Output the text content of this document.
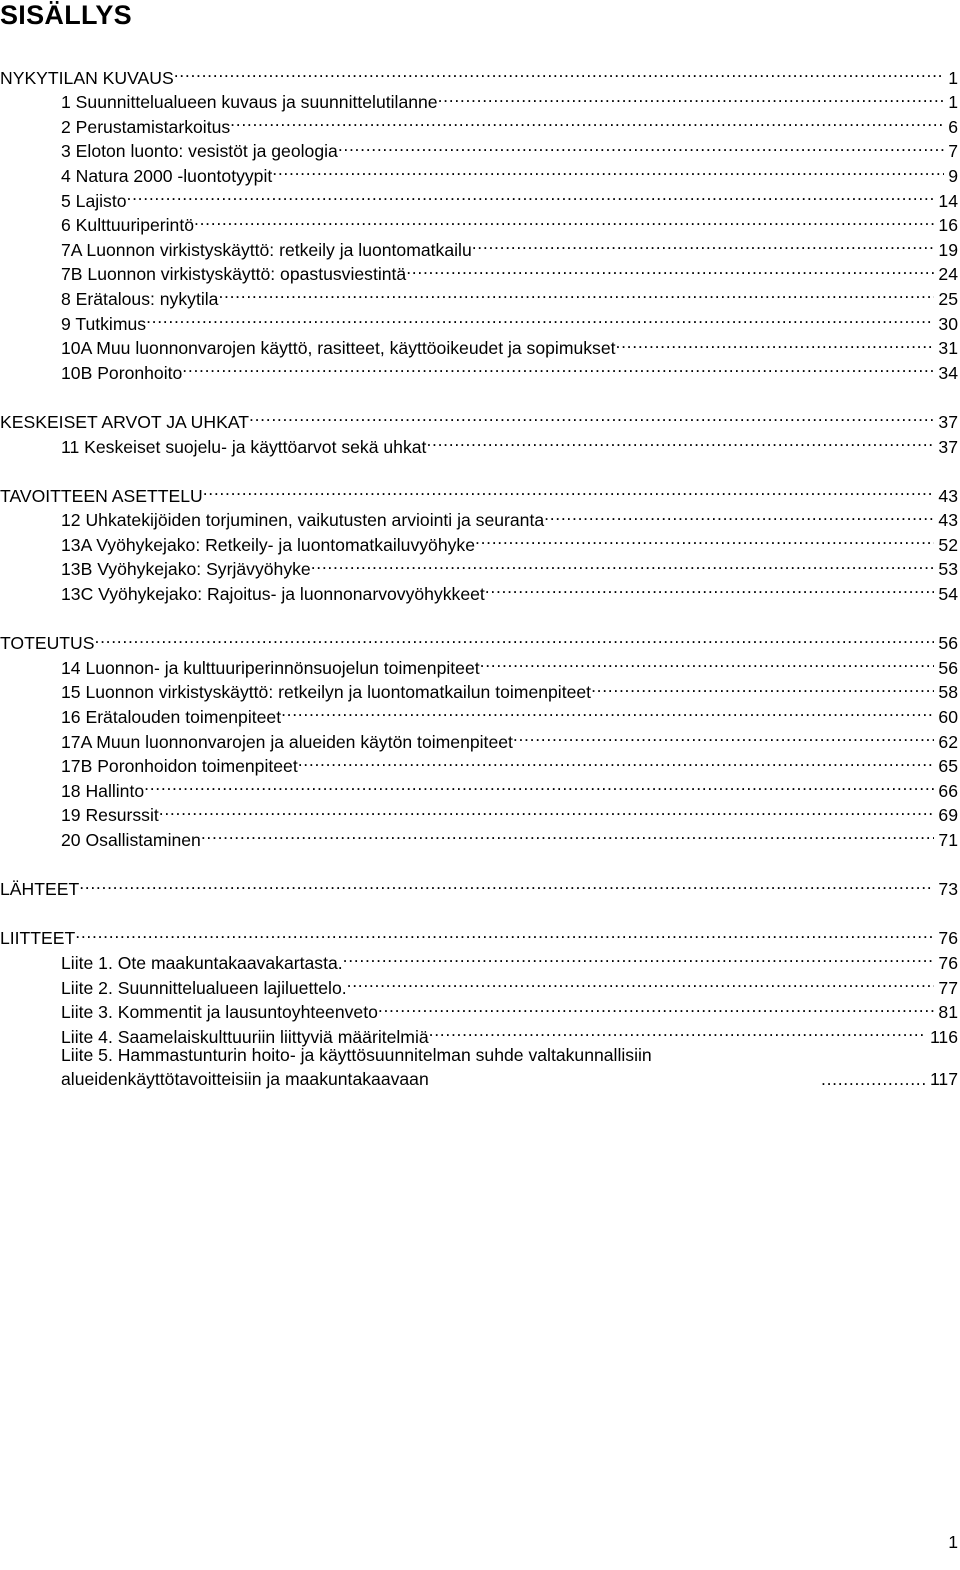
SISÄLLYS
NYKYTILAN KUVAUS . . .	1
1 Suunnittelualueen kuvaus ja suunnittelutilanne . . .	1
2 Perustamistarkoitus . . .	6
3 Eloton luonto: vesistöt ja geologia . . .	7
4 Natura 2000 -luontotyypit . . .	9
5 Lajisto . . .	14
6 Kulttuuriperintö . . .	16
7A Luonnon virkistyskäyttö: retkeily ja luontomatkailu . . .	19
7B Luonnon virkistyskäyttö: opastusviestintä . . .	24
8 Erätalous: nykytila . . .	25
9 Tutkimus . . .	30
10A Muu luonnonvarojen käyttö, rasitteet, käyttöoikeudet ja sopimukset . . .	31
10B Poronhoito . . .	34
KESKEISET ARVOT JA UHKAT . . .	37
11 Keskeiset suojelu- ja käyttöarvot sekä uhkat . . .	37
TAVOITTEEN ASETTELU . . .	43
12 Uhkatekijöiden torjuminen, vaikutusten arviointi ja seuranta . . .	43
13A Vyöhykejako: Retkeily- ja luontomatkailuvyöhyke . . .	52
13B Vyöhykejako: Syrjävyöhyke . . .	53
13C Vyöhykejako: Rajoitus- ja luonnonarvovyöhykkeet . . .	54
TOTEUTUS . . .	56
14 Luonnon- ja kulttuuriperinnönsuojelun toimenpiteet . . .	56
15 Luonnon virkistyskäyttö: retkeilyn ja luontomatkailun toimenpiteet . . .	58
16 Erätalouden toimenpiteet . . .	60
17A Muun luonnonvarojen ja alueiden käytön toimenpiteet . . .	62
17B Poronhoidon toimenpiteet . . .	65
18 Hallinto . . .	66
19 Resurssit . . .	69
20 Osallistaminen . . .	71
LÄHTEET . . .	73
LIITTEET . . .	76
Liite 1. Ote maakuntakaavakartasta. . . .	76
Liite 2. Suunnittelualueen lajiluettelo. . . .	77
Liite 3. Kommentit ja lausuntoyhteenveto . . .	81
Liite 4. Saamelaiskulttuuriin liittyviä määritelmiä . . .	116
Liite 5. Hammastunturin hoito- ja käyttösuunnitelman suhde valtakunnallisiin alueidenkäyttötavoitteisiin ja maakuntakaavaan . . .	117
1
